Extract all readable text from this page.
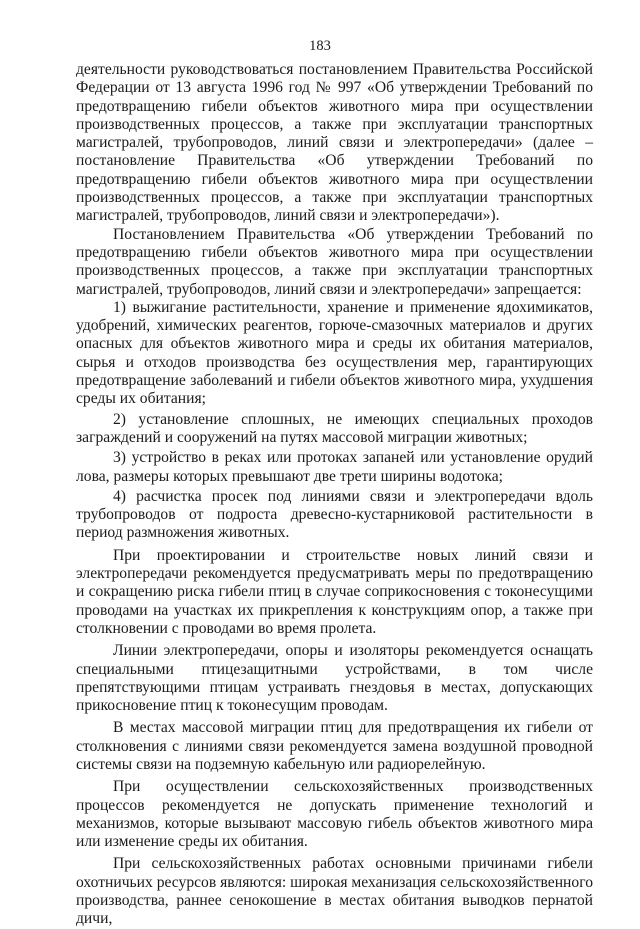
183

деятельности руководствоваться постановлением Правительства Российской Федерации от 13 августа 1996 год № 997 «Об утверждении Требований по предотвращению гибели объектов животного мира при осуществлении производственных процессов, а также при эксплуатации транспортных магистралей, трубопроводов, линий связи и электропередачи» (далее – постановление Правительства «Об утверждении Требований по предотвращению гибели объектов животного мира при осуществлении производственных процессов, а также при эксплуатации транспортных магистралей, трубопроводов, линий связи и электропередачи»).

Постановлением Правительства «Об утверждении Требований по предотвращению гибели объектов животного мира при осуществлении производственных процессов, а также при эксплуатации транспортных магистралей, трубопроводов, линий связи и электропередачи» запрещается:

1) выжигание растительности, хранение и применение ядохимикатов, удобрений, химических реагентов, горюче-смазочных материалов и других опасных для объектов животного мира и среды их обитания материалов, сырья и отходов производства без осуществления мер, гарантирующих предотвращение заболеваний и гибели объектов животного мира, ухудшения среды их обитания;

2) установление сплошных, не имеющих специальных проходов заграждений и сооружений на путях массовой миграции животных;

3) устройство в реках или протоках запаней или установление орудий лова, размеры которых превышают две трети ширины водотока;

4) расчистка просек под линиями связи и электропередачи вдоль трубопроводов от подроста древесно-кустарниковой растительности в период размножения животных.

При проектировании и строительстве новых линий связи и электропередачи рекомендуется предусматривать меры по предотвращению и сокращению риска гибели птиц в случае соприкосновения с токонесущими проводами на участках их прикрепления к конструкциям опор, а также при столкновении с проводами во время пролета.

Линии электропередачи, опоры и изоляторы рекомендуется оснащать специальными птицезащитными устройствами, в том числе препятствующими птицам устраивать гнездовья в местах, допускающих прикосновение птиц к токонесущим проводам.

В местах массовой миграции птиц для предотвращения их гибели от столкновения с линиями связи рекомендуется замена воздушной проводной системы связи на подземную кабельную или радиорелейную.

При осуществлении сельскохозяйственных производственных процессов рекомендуется не допускать применение технологий и механизмов, которые вызывают массовую гибель объектов животного мира или изменение среды их обитания.

При сельскохозяйственных работах основными причинами гибели охотничьих ресурсов являются: широкая механизация сельскохозяйственного производства, раннее сенокошение в местах обитания выводков пернатой дичи,
